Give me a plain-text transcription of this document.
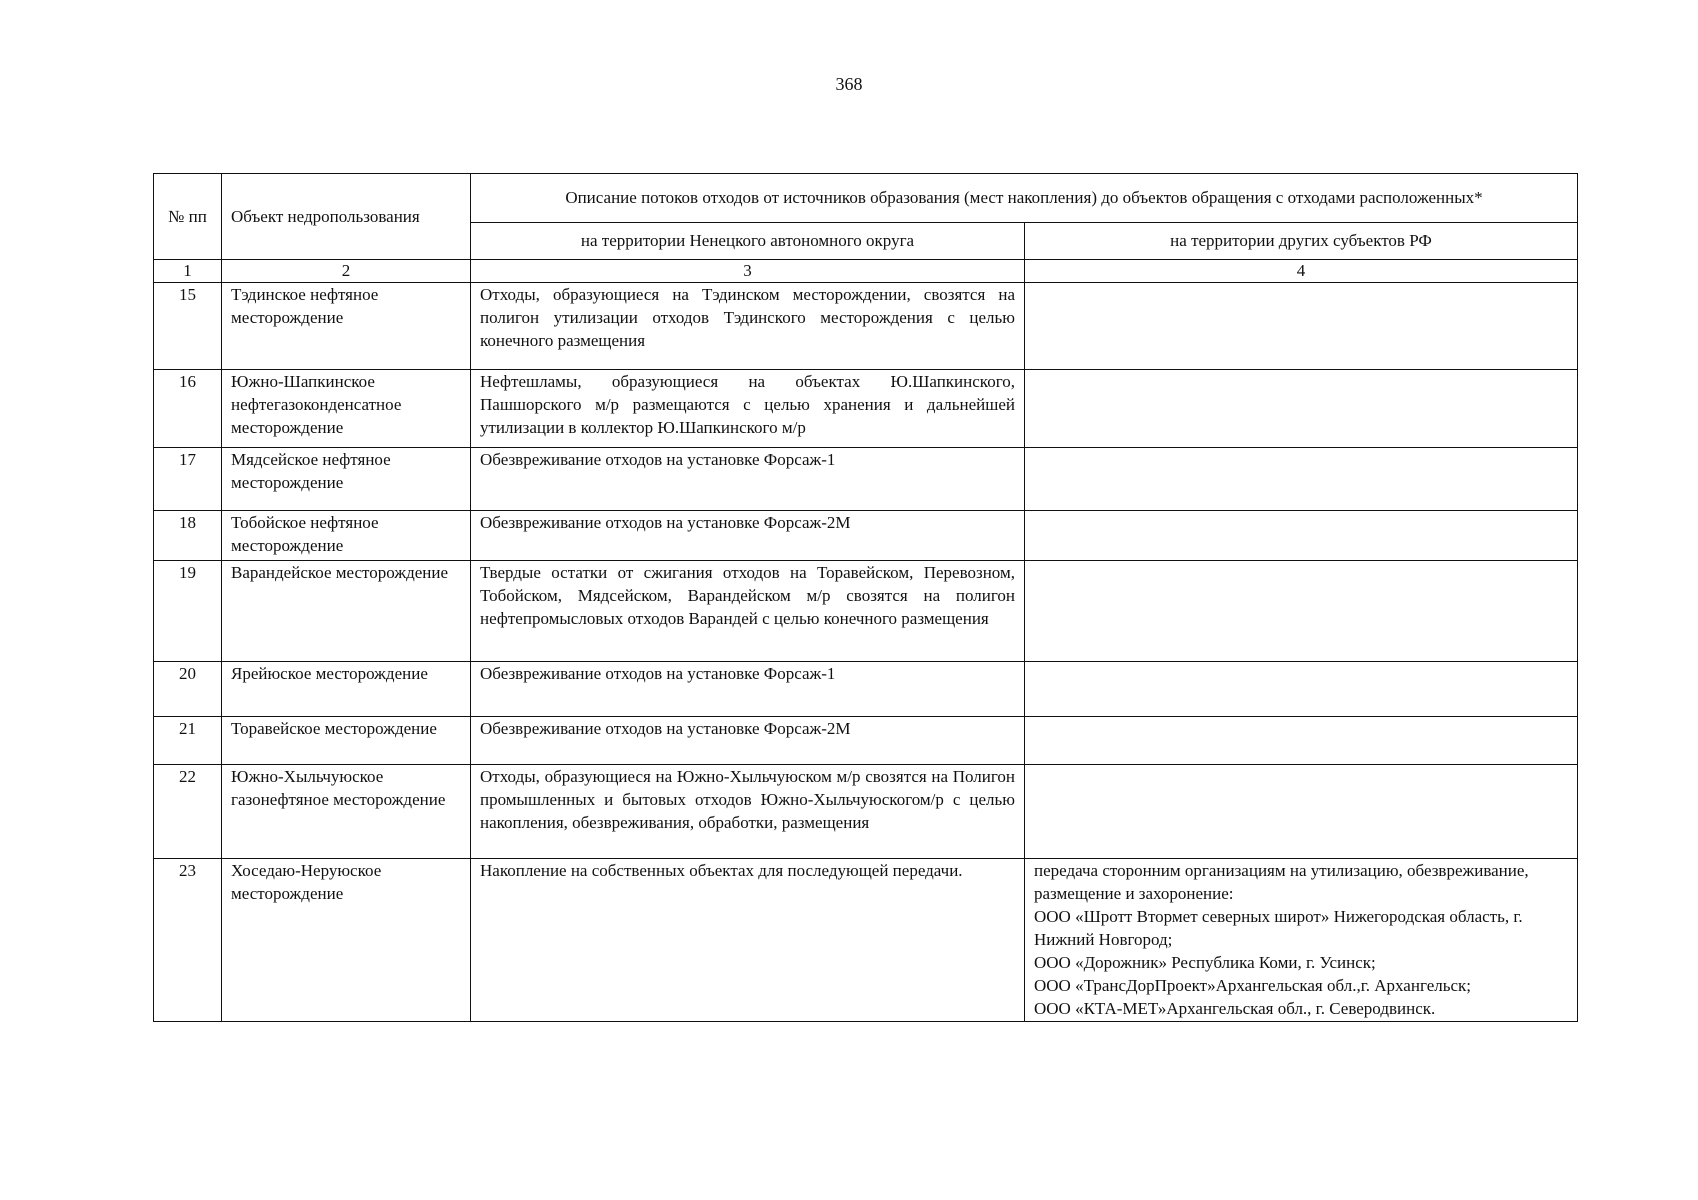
368
№ пп	Объект недропользования	Описание потоков отходов от источников образования (мест накопления) до объектов обращения с отходами расположенных*	
		на территории Ненецкого автономного округа	на территории других субъектов РФ
1	2	3	4
15	Тэдинское нефтяное месторождение	Отходы, образующиеся на Тэдинском месторождении, свозятся на полигон утилизации отходов Тэдинского месторождения с целью конечного размещения	
16	Южно-Шапкинское нефтегазоконденсатное месторождение	Нефтешламы, образующиеся на объектах Ю.Шапкинского, Пашшорского м/р размещаются с целью хранения и дальнейшей утилизации в коллектор Ю.Шапкинского м/р	
17	Мядсейское нефтяное месторождение	Обезвреживание отходов на установке Форсаж-1	
18	Тобойское нефтяное месторождение	Обезвреживание отходов на установке Форсаж-2М	
19	Варандейское месторождение	Твердые остатки от сжигания отходов на Торавейском, Перевозном, Тобойском, Мядсейском, Варандейском м/р свозятся на полигон нефтепромысловых отходов Варандей с целью конечного размещения	
20	Ярейюское месторождение	Обезвреживание отходов на установке Форсаж-1	
21	Торавейское месторождение	Обезвреживание отходов на установке Форсаж-2М	
22	Южно-Хыльчуюское газонефтяное месторождение	Отходы, образующиеся на Южно-Хыльчуюском м/р свозятся на Полигон промышленных и бытовых отходов Южно-Хыльчуюскогом/р с целью накопления, обезвреживания, обработки, размещения	
23	Хоседаю-Неруюское месторождение	Накопление на собственных объектах для последующей передачи.	передача сторонним организациям на утилизацию, обезвреживание, размещение и захоронение:
ООО «Шротт Втормет северных широт» Нижегородская область, г. Нижний Новгород;
ООО «Дорожник» Республика Коми, г. Усинск;
ООО «ТрансДорПроект»Архангельская обл.,г. Архангельск;
ООО «КТА-МЕТ»Архангельская обл., г. Северодвинск.
